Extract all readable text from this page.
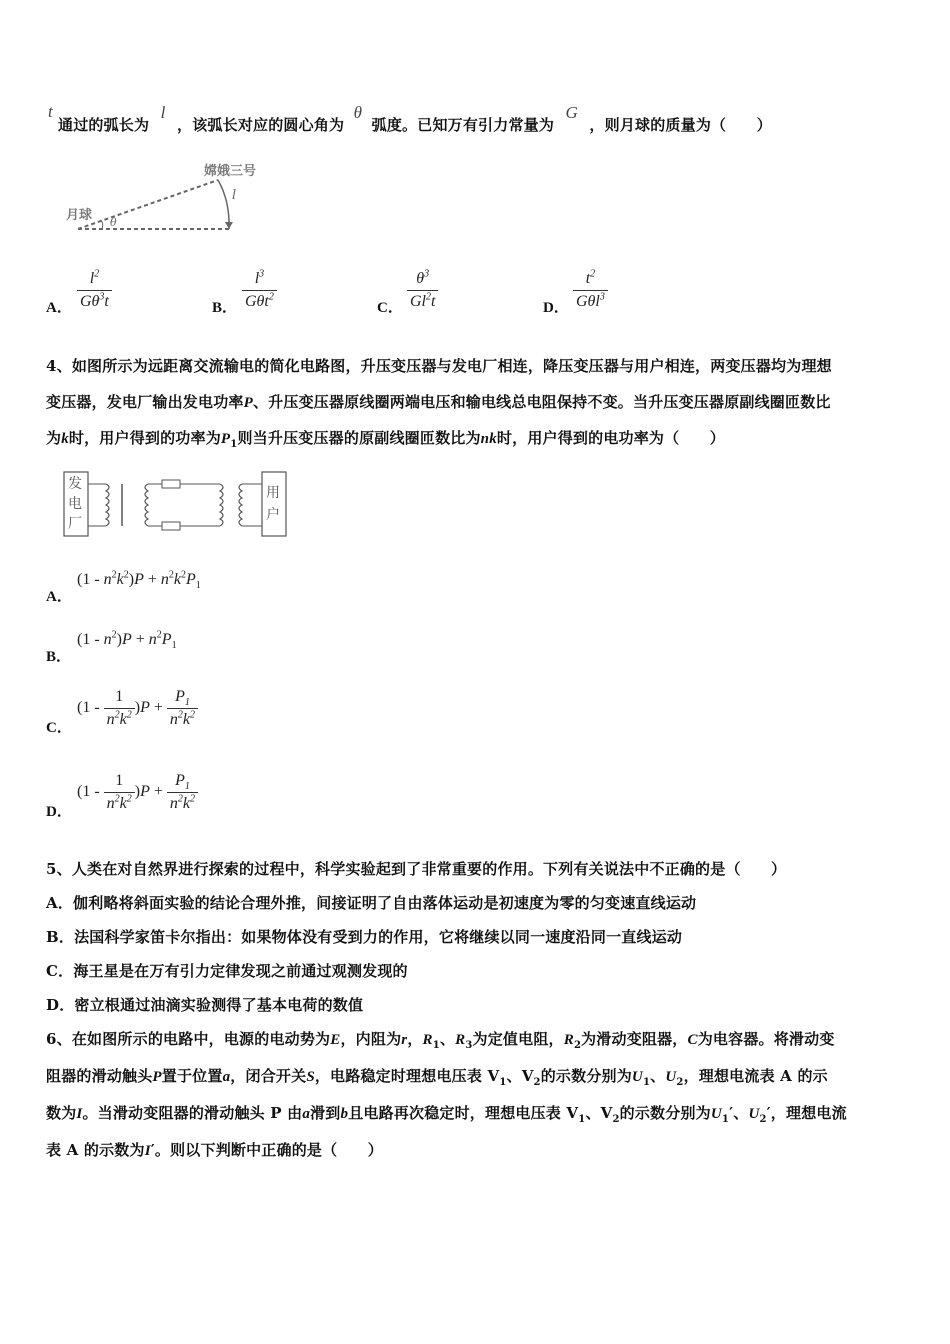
t
通过的弧长为 l ，该弧长对应的圆心角为 θ 弧度。已知万有引力常量为 G ，则月球的质量为（　　）
嫦娥三号
月球
l
θ
A． $\frac{l^2}{G\theta^3t}$	B． $\frac{l^3}{G\theta t^2}$	C． $\frac{\theta^3}{Gl^2t}$	D． $\frac{t^2}{G\theta l^3}$
4、如图所示为远距离交流输电的简化电路图，升压变压器与发电厂相连，降压变压器与用户相连，两变压器均为理想
变压器，发电厂输出发电功率P、升压变压器原线圈两端电压和输电线总电阻保持不变。当升压变压器原副线圈匝数比
为k时，用户得到的功率为$P_1$则当升压变压器的原副线圈匝数比为nk时，用户得到的电功率为（　　）
发
电
厂
用
户
A．
$(1 - n^2k^2)P + n^2k^2P_1$
B．
$(1 - n^2)P + n^2P_1$
C．
$(1 - \frac{1}{n^2k^2} )P + \frac{P_1}{n^2k^2}$
D．
$(1 - \frac{1}{n^2k^2} )P + \frac{P_1}{n^2k^2}$
5、人类在对自然界进行探索的过程中，科学实验起到了非常重要的作用。下列有关说法中不正确的是（　　）
A．伽利略将斜面实验的结论合理外推，间接证明了自由落体运动是初速度为零的匀变速直线运动
B．法国科学家笛卡尔指出：如果物体没有受到力的作用，它将继续以同一速度沿同一直线运动
C．海王星是在万有引力定律发现之前通过观测发现的
D．密立根通过油滴实验测得了基本电荷的数值
6、在如图所示的电路中，电源的电动势为E，内阻为r，$R_1$、$R_3$为定值电阻，$R_2$为滑动变阻器，C为电容器。将滑动变
阻器的滑动触头P置于位置a，闭合开关S，电路稳定时理想电压表 $V_1$、$V_2$的示数分别为$U_1$、$U_2$，理想电流表 A 的示
数为I。当滑动变阻器的滑动触头 P 由a滑到b且电路再次稳定时，理想电压表 $V_1$、$V_2$的示数分别为$U_1'$、$U_2'$，理想电流
表 A 的示数为I′。则以下判断中正确的是（　　）
